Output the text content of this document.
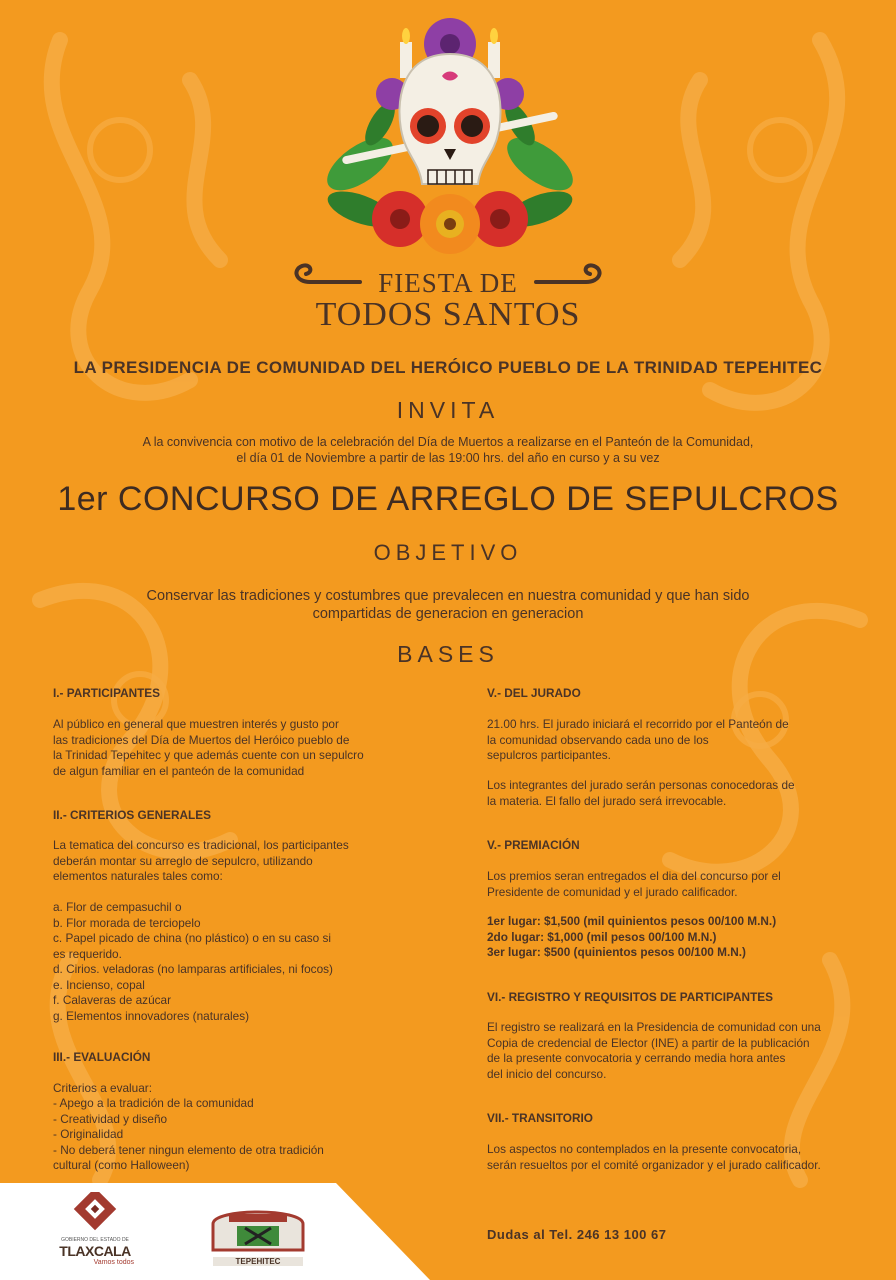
FIESTA DE
TODOS SANTOS
LA PRESIDENCIA DE COMUNIDAD DEL HERÓICO PUEBLO DE LA TRINIDAD TEPEHITEC
INVITA
A la convivencia con motivo de la celebración del Día de Muertos a realizarse en el Panteón de la Comunidad,
el día 01 de Noviembre a partir de las 19:00 hrs. del año en curso y a su vez
1er CONCURSO DE ARREGLO DE SEPULCROS
OBJETIVO
Conservar las tradiciones y costumbres que prevalecen en nuestra comunidad y que han sido
compartidas de generacion en generacion
BASES
I.- PARTICIPANTES
Al público en general que muestren interés y gusto por
las tradiciones del Día de Muertos del Heróico pueblo de
la Trinidad Tepehitec y que además cuente con un sepulcro
de algun familiar en el panteón de la comunidad
II.- CRITERIOS GENERALES
La tematica del concurso es tradicional, los participantes
deberán montar su arreglo de sepulcro, utilizando
elementos naturales tales como:
a. Flor de cempasuchil o
b. Flor morada de terciopelo
c. Papel picado de china (no plástico) o en su caso si
es requerido.
d. Cirios. veladoras (no lamparas artificiales, ni focos)
e. Incienso, copal
f. Calaveras de azúcar
g. Elementos innovadores (naturales)
III.- EVALUACIÓN
Criterios a evaluar:
- Apego a la tradición de la comunidad
- Creatividad y diseño
- Originalidad
- No deberá tener ningun elemento de otra tradición
cultural (como Halloween)
V.- DEL JURADO
21.00 hrs. El jurado iniciará el recorrido por el Panteón de
la comunidad observando cada uno de los
sepulcros participantes.
Los integrantes del jurado serán personas conocedoras de
la materia. El fallo del jurado será irrevocable.
V.- PREMIACIÓN
Los premios seran entregados el dia del concurso por el
Presidente de comunidad y el jurado calificador.
1er lugar: $1,500 (mil quinientos pesos 00/100 M.N.)
2do lugar: $1,000 (mil pesos 00/100 M.N.)
3er lugar: $500 (quinientos pesos 00/100 M.N.)
VI.- REGISTRO Y REQUISITOS DE PARTICIPANTES
El registro se realizará en la Presidencia de comunidad con una
Copia de credencial de Elector (INE) a partir de la publicación
de la presente convocatoria y cerrando media hora antes
del inicio del concurso.
VII.- TRANSITORIO
Los aspectos no contemplados en la presente convocatoria,
serán resueltos por el comité organizador y el jurado calificador.
GOBIERNO DEL ESTADO DE
TLAXCALA
Vamos todos	TEPEHITEC
Dudas al Tel. 246 13 100 67
